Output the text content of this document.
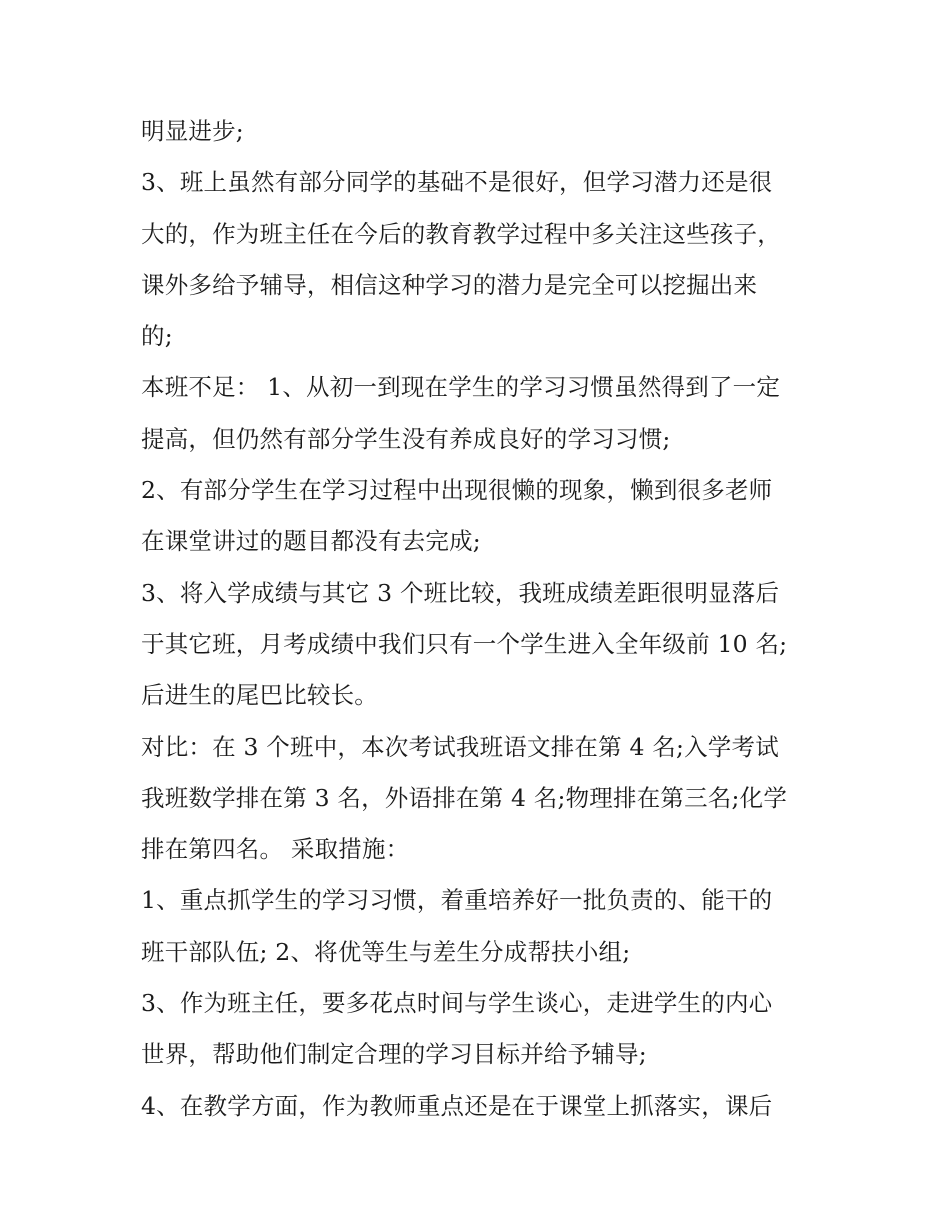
明显进步;
3、班上虽然有部分同学的基础不是很好，但学习潜力还是很
大的，作为班主任在今后的教育教学过程中多关注这些孩子，
课外多给予辅导，相信这种学习的潜力是完全可以挖掘出来
的;
本班不足： 1、从初一到现在学生的学习习惯虽然得到了一定
提高，但仍然有部分学生没有养成良好的学习习惯;
2、有部分学生在学习过程中出现很懒的现象，懒到很多老师
在课堂讲过的题目都没有去完成;
3、将入学成绩与其它 3 个班比较，我班成绩差距很明显落后
于其它班，月考成绩中我们只有一个学生进入全年级前 10 名;
后进生的尾巴比较长。
对比：在 3 个班中，本次考试我班语文排在第 4 名;入学考试
我班数学排在第 3 名，外语排在第 4 名;物理排在第三名;化学
排在第四名。 采取措施：
1、重点抓学生的学习习惯，着重培养好一批负责的、能干的
班干部队伍; 2、将优等生与差生分成帮扶小组;
3、作为班主任，要多花点时间与学生谈心，走进学生的内心
世界，帮助他们制定合理的学习目标并给予辅导;
4、在教学方面，作为教师重点还是在于课堂上抓落实，课后
